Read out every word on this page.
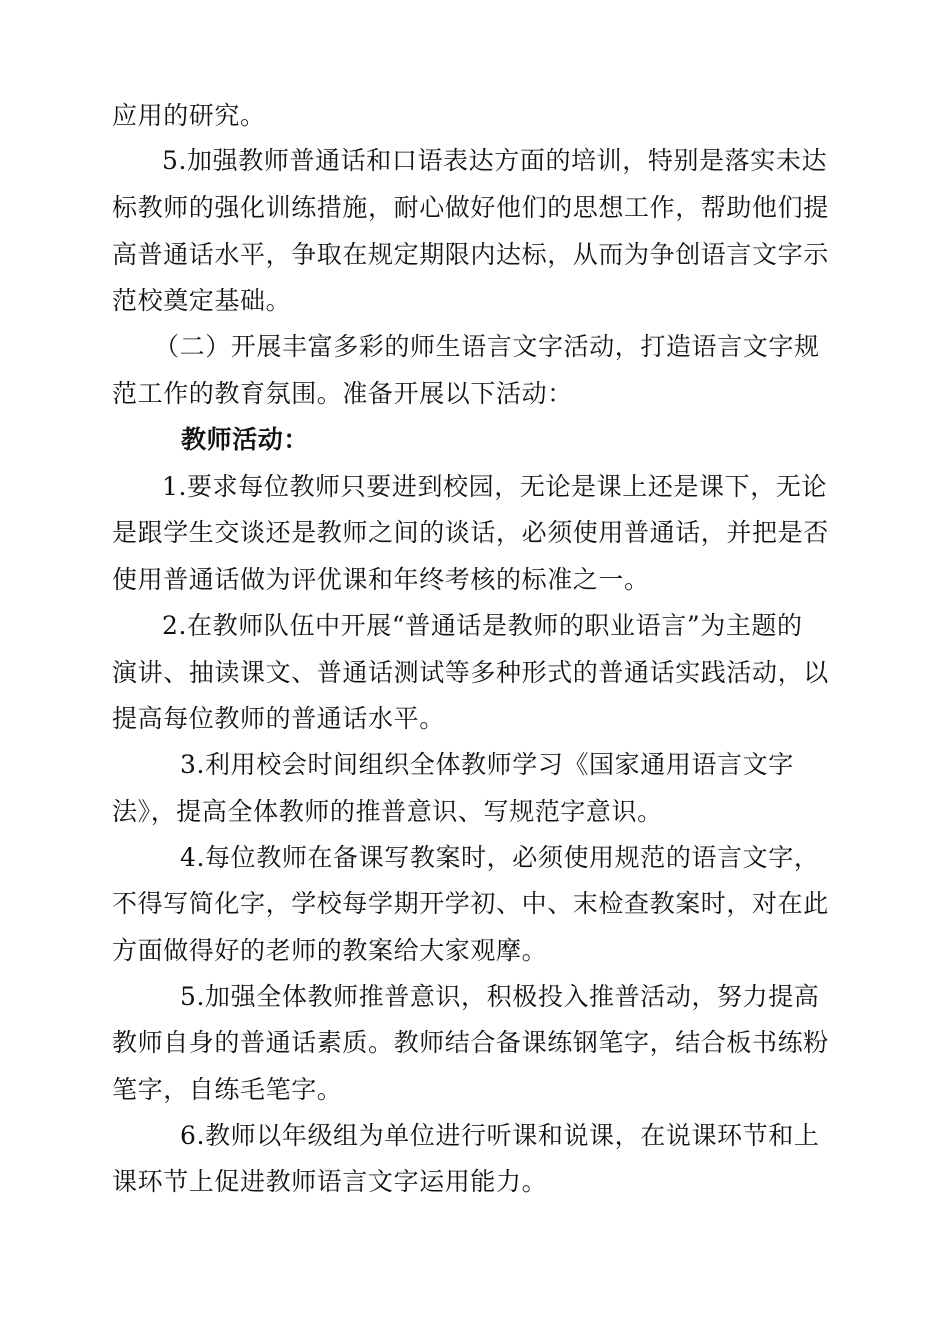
应用的研究。
5.加强教师普通话和口语表达方面的培训，特别是落实未达
标教师的强化训练措施，耐心做好他们的思想工作，帮助他们提
高普通话水平，争取在规定期限内达标，从而为争创语言文字示
范校奠定基础。
（二）开展丰富多彩的师生语言文字活动，打造语言文字规
范工作的教育氛围。准备开展以下活动：
教师活动：
1.要求每位教师只要进到校园，无论是课上还是课下，无论
是跟学生交谈还是教师之间的谈话，必须使用普通话，并把是否
使用普通话做为评优课和年终考核的标准之一。
2.在教师队伍中开展“普通话是教师的职业语言”为主题的
演讲、抽读课文、普通话测试等多种形式的普通话实践活动，以
提高每位教师的普通话水平。
3.利用校会时间组织全体教师学习《国家通用语言文字
法》，提高全体教师的推普意识、写规范字意识。
4.每位教师在备课写教案时，必须使用规范的语言文字，
不得写简化字，学校每学期开学初、中、末检查教案时，对在此
方面做得好的老师的教案给大家观摩。
5.加强全体教师推普意识，积极投入推普活动，努力提高
教师自身的普通话素质。教师结合备课练钢笔字，结合板书练粉
笔字，自练毛笔字。
6.教师以年级组为单位进行听课和说课，在说课环节和上
课环节上促进教师语言文字运用能力。
